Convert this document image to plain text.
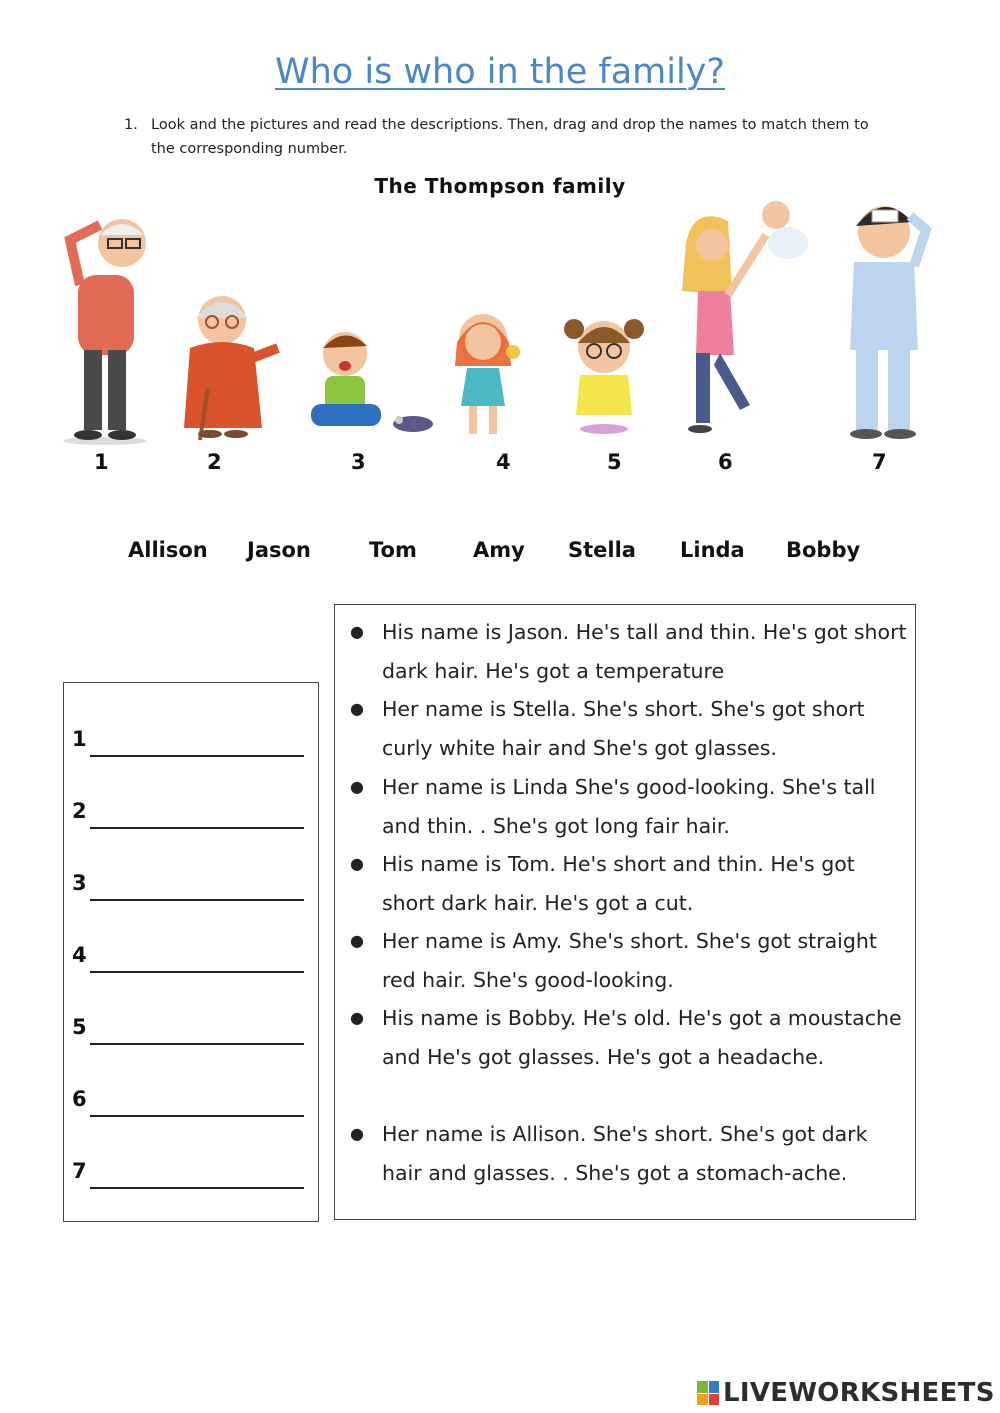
Who is who in the family?
1. Look and the pictures and read the descriptions. Then, drag and drop the names to match them to the corresponding number.
The Thompson family
1	2	3	4	5	6	7
Allison Jason	Tom	Amy Stella Linda Bobby
1
2
3
4
5
6
7
● His name is Jason. He's tall and thin. He's got short dark hair. He's got a temperature
● Her name is Stella. She's short. She's got short curly white hair and She's got glasses.
● Her name is Linda She's good-looking. She's tall and thin. . She's got long fair hair.
● His name is Tom. He's short and thin. He's got short dark hair. He's got a cut.
● Her name is Amy. She's short. She's got straight red hair. She's good-looking.
● His name is Bobby. He's old. He's got a moustache and He's got glasses. He's got a headache.
● Her name is Allison. She's short. She's got dark hair and glasses. . She's got a stomach-ache.
LIVEWORKSHEETS
